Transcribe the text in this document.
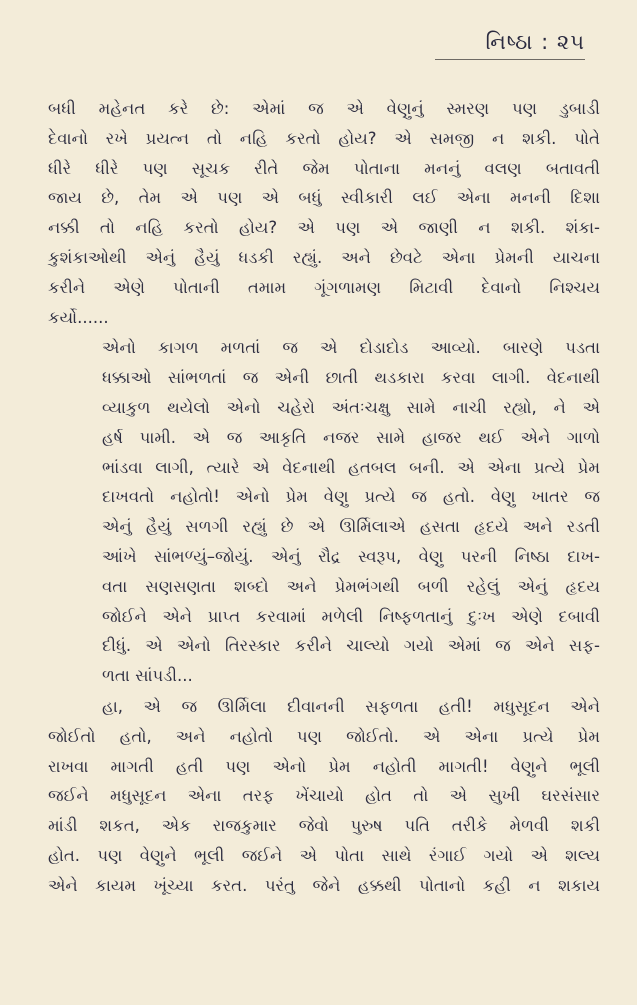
નિષ્ઠા : ૨૫
બધી મહેનત કરે છે: એમાં જ એ વેણુનું સ્મરણ પણ ડુબાડી
દેવાનો રખે પ્રયત્ન તો નહિ કરતો હોય? એ સમજી ન શકી. પોતે
ધીરે ધીરે પણ સૂચક રીતે જેમ પોતાના મનનું વલણ બતાવતી
જાય છે, તેમ એ પણ એ બધું સ્વીકારી લઈ એના મનની દિશા
નક્કી તો નહિ કરતો હોય? એ પણ એ જાણી ન શકી. શંકા-
કુશંકાઓથી એનું હૈયું ધડકી રહ્યું. અને છેવટે એના પ્રેમની યાચના
કરીને એણે પોતાની તમામ ગૂંગળામણ મિટાવી દેવાનો નિશ્ચય
કર્યો......
એનો કાગળ મળતાં જ એ દોડાદોડ આવ્યો. બારણે પડતા
ધક્કાઓ સાંભળતાં જ એની છાતી થડકારા કરવા લાગી. વેદનાથી
વ્યાકુળ થયેલો એનો ચહેરો અંતઃચક્ષુ સામે નાચી રહ્યો, ને એ
હર્ષ પામી. એ જ આકૃતિ નજર સામે હાજર થઈ એને ગાળો
ભાંડવા લાગી, ત્યારે એ વેદનાથી હતબલ બની. એ એના પ્રત્યે પ્રેમ
દાખવતો નહોતો! એનો પ્રેમ વેણુ પ્રત્યે જ હતો. વેણુ ખાતર જ
એનું હૈયું સળગી રહ્યું છે એ ઊર્મિલાએ હસતા હૃદયે અને રડતી
આંખે સાંભળ્યું–જોયું. એનું રૌદ્ર સ્વરૂપ, વેણુ પરની નિષ્ઠા દાખ-
વતા સણસણતા શબ્દો અને પ્રેમભંગથી બળી રહેલું એનું હૃદય
જોઈને એને પ્રાપ્ત કરવામાં મળેલી નિષ્ફળતાનું દુઃખ એણે દબાવી
દીધું. એ એનો તિરસ્કાર કરીને ચાલ્યો ગયો એમાં જ એને સફ-
ળતા સાંપડી...
હા, એ જ ઊર્મિલા દીવાનની સફળતા હતી! મધુસૂદન એને
જોઈતો હતો, અને નહોતો પણ જોઈતો. એ એના પ્રત્યે પ્રેમ
રાખવા માગતી હતી પણ એનો પ્રેમ નહોતી માગતી! વેણુને ભૂલી
જઈને મધુસૂદન એના તરફ ખેંચાયો હોત તો એ સુખી ઘરસંસાર
માંડી શકત, એક રાજકુમાર જેવો પુરુષ પતિ તરીકે મેળવી શકી
હોત. પણ વેણુને ભૂલી જઈને એ પોતા સાથે રંગાઈ ગયો એ શલ્ય
એને કાયમ ખૂંચ્યા કરત. પરંતુ જેને હક્કથી પોતાનો કહી ન શકાય
